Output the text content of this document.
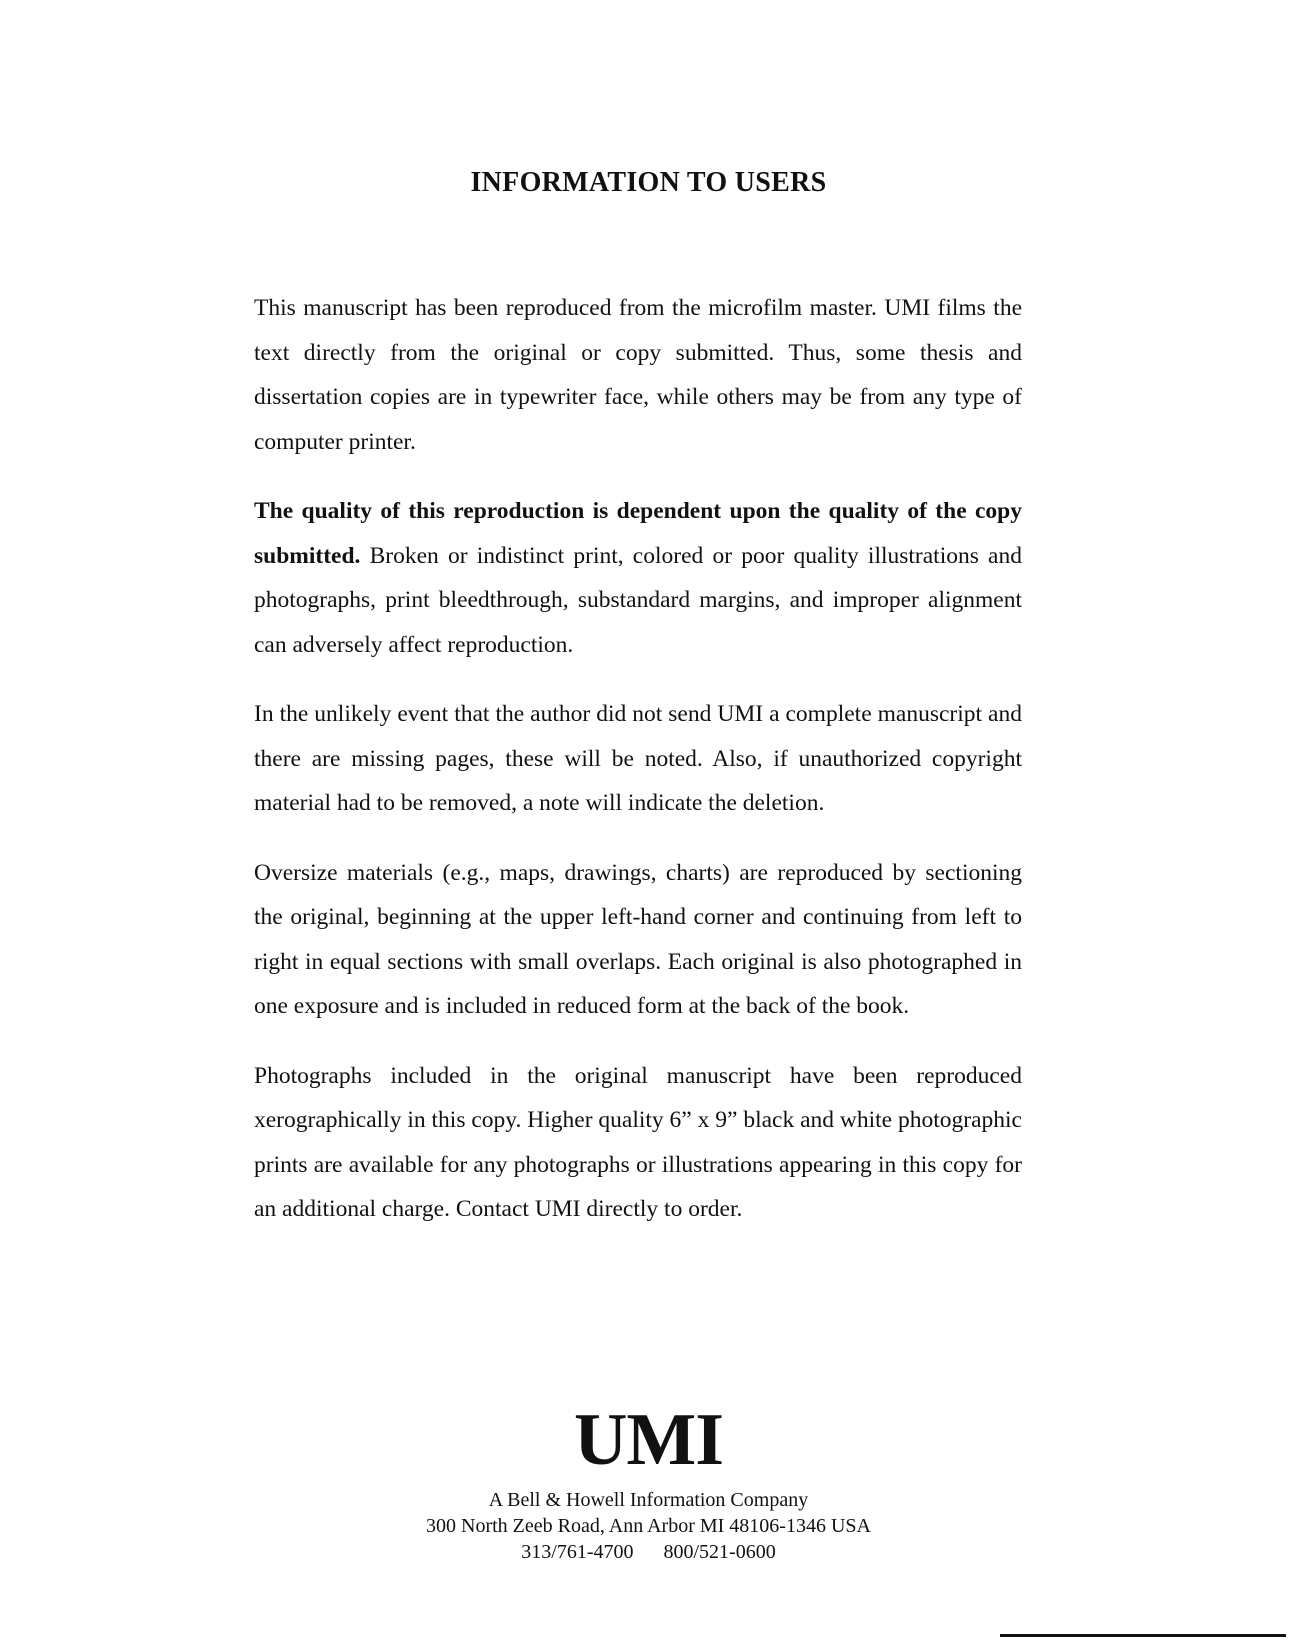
INFORMATION TO USERS

This manuscript has been reproduced from the microfilm master. UMI films the text directly from the original or copy submitted. Thus, some thesis and dissertation copies are in typewriter face, while others may be from any type of computer printer.

The quality of this reproduction is dependent upon the quality of the copy submitted. Broken or indistinct print, colored or poor quality illustrations and photographs, print bleedthrough, substandard margins, and improper alignment can adversely affect reproduction.

In the unlikely event that the author did not send UMI a complete manuscript and there are missing pages, these will be noted. Also, if unauthorized copyright material had to be removed, a note will indicate the deletion.

Oversize materials (e.g., maps, drawings, charts) are reproduced by sectioning the original, beginning at the upper left-hand corner and continuing from left to right in equal sections with small overlaps. Each original is also photographed in one exposure and is included in reduced form at the back of the book.

Photographs included in the original manuscript have been reproduced xerographically in this copy. Higher quality 6” x 9” black and white photographic prints are available for any photographs or illustrations appearing in this copy for an additional charge. Contact UMI directly to order.

UMI
A Bell & Howell Information Company
300 North Zeeb Road, Ann Arbor MI 48106-1346 USA
313/761-4700 800/521-0600
